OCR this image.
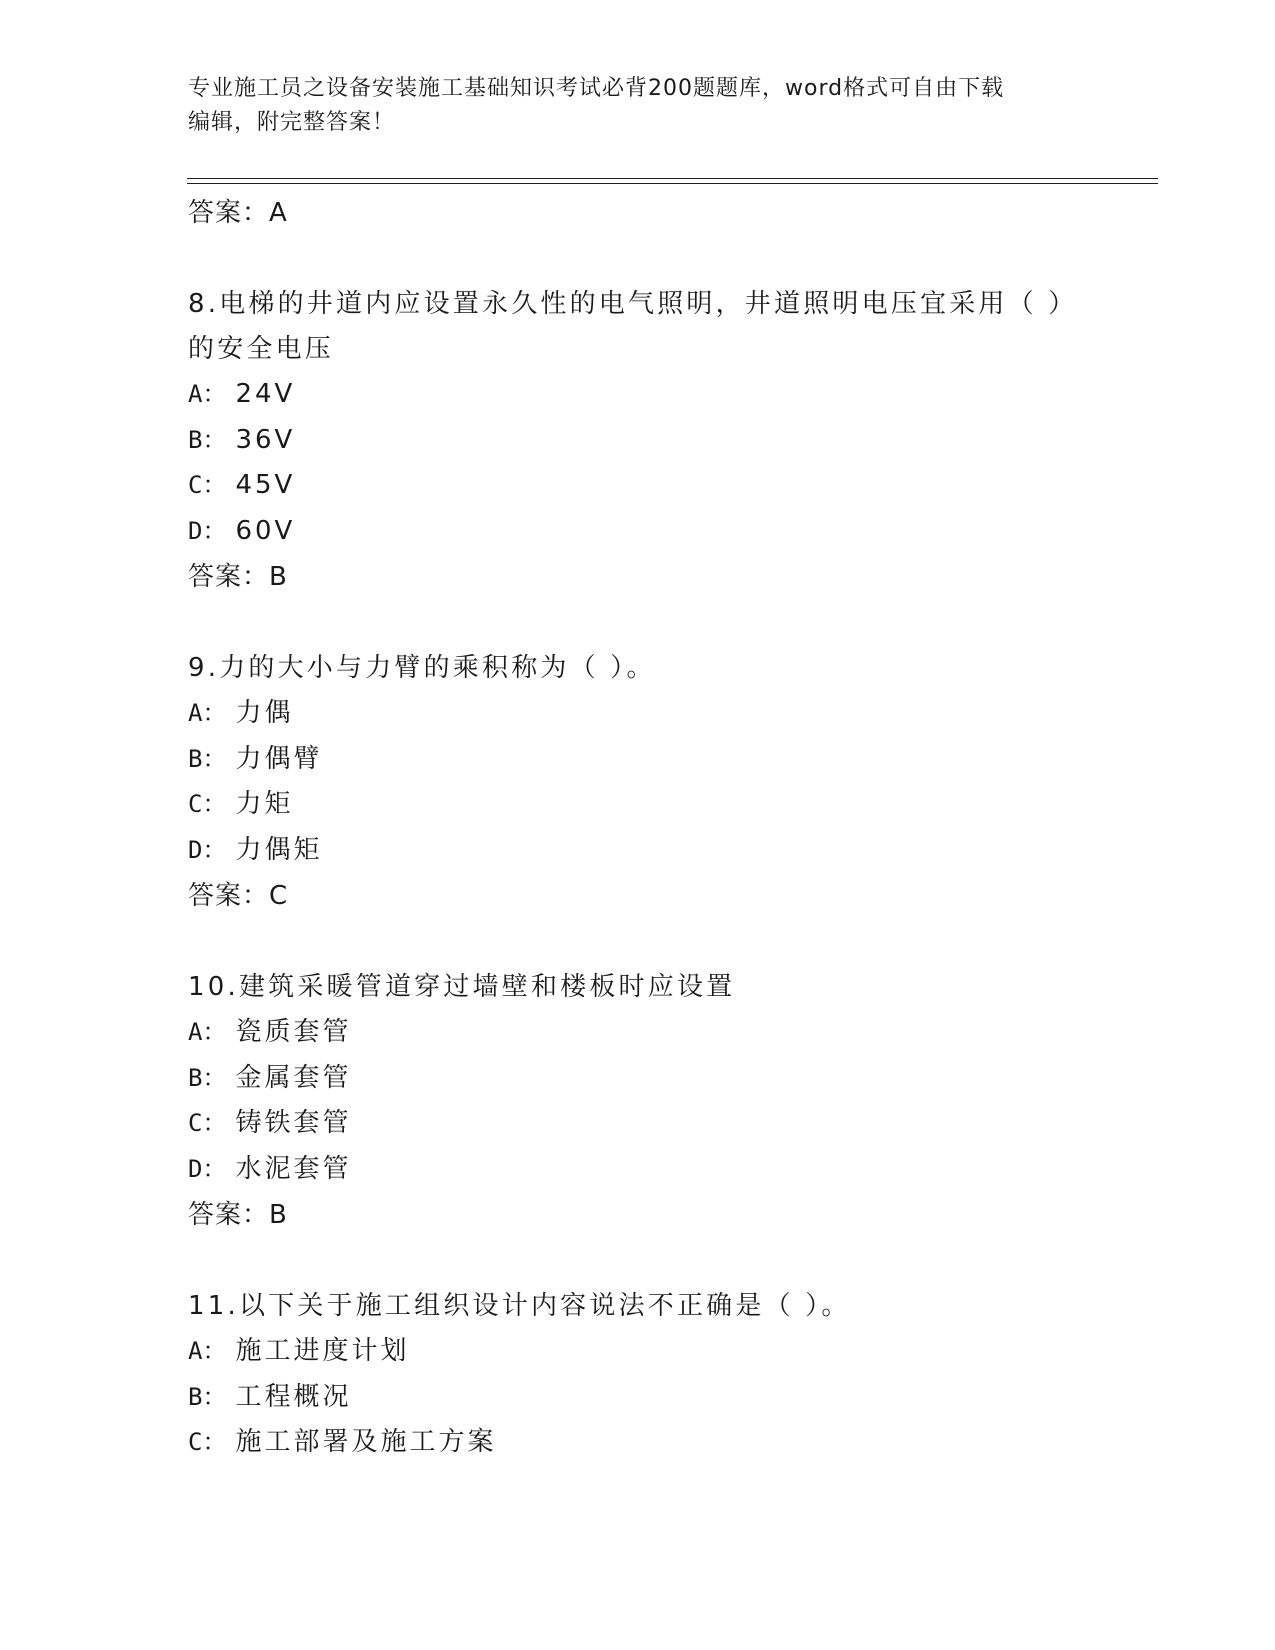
专业施工员之设备安装施工基础知识考试必背200题题库，word格式可自由下载
编辑，附完整答案！
答案：A
8.电梯的井道内应设置永久性的电气照明，井道照明电压宜采用（ ）
的安全电压
A： 24V
B： 36V
C： 45V
D： 60V
答案：B
9.力的大小与力臂的乘积称为（ ）。
A： 力偶
B： 力偶臂
C： 力矩
D： 力偶矩
答案：C
10.建筑采暖管道穿过墙壁和楼板时应设置
A： 瓷质套管
B： 金属套管
C： 铸铁套管
D： 水泥套管
答案：B
11.以下关于施工组织设计内容说法不正确是（ ）。
A： 施工进度计划
B： 工程概况
C： 施工部署及施工方案
